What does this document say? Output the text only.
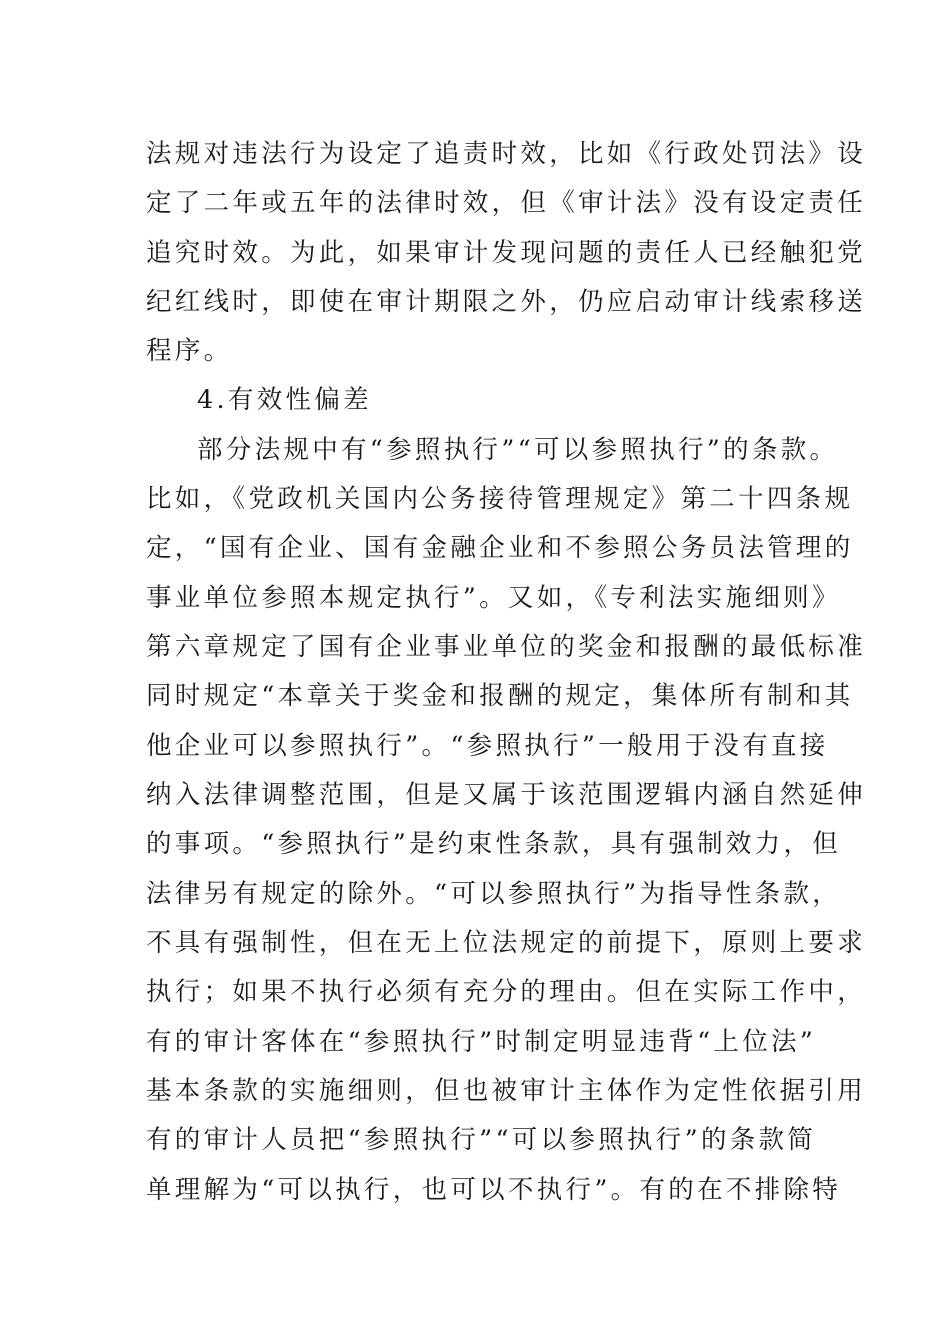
法规对违法行为设定了追责时效，比如《行政处罚法》设
定了二年或五年的法律时效，但《审计法》没有设定责任
追究时效。为此，如果审计发现问题的责任人已经触犯党
纪红线时，即使在审计期限之外，仍应启动审计线索移送
程序。
4.有效性偏差
部分法规中有“参照执行”“可以参照执行”的条款。
比如，《党政机关国内公务接待管理规定》第二十四条规
定，“国有企业、国有金融企业和不参照公务员法管理的
事业单位参照本规定执行”。又如，《专利法实施细则》
第六章规定了国有企业事业单位的奖金和报酬的最低标准
同时规定“本章关于奖金和报酬的规定，集体所有制和其
他企业可以参照执行”。“参照执行”一般用于没有直接
纳入法律调整范围，但是又属于该范围逻辑内涵自然延伸
的事项。“参照执行”是约束性条款，具有强制效力，但
法律另有规定的除外。“可以参照执行”为指导性条款，
不具有强制性，但在无上位法规定的前提下，原则上要求
执行；如果不执行必须有充分的理由。但在实际工作中，
有的审计客体在“参照执行”时制定明显违背“上位法”
基本条款的实施细则，但也被审计主体作为定性依据引用
有的审计人员把“参照执行”“可以参照执行”的条款简
单理解为“可以执行，也可以不执行”。有的在不排除特
